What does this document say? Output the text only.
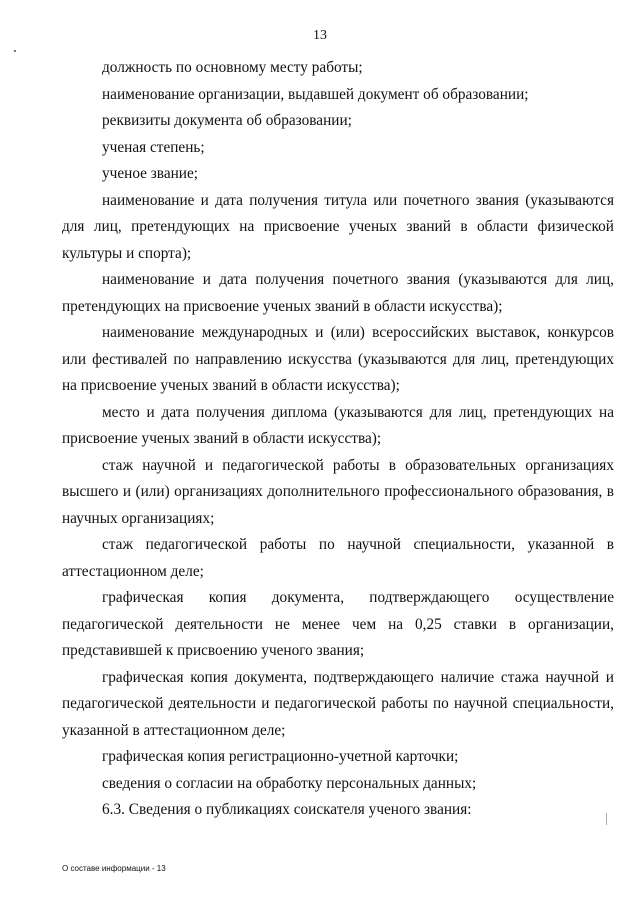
13

должность по основному месту работы;

наименование организации, выдавшей документ об образовании;

реквизиты документа об образовании;

ученая степень;

ученое звание;

наименование и дата получения титула или почетного звания (указываются для лиц, претендующих на присвоение ученых званий в области физической культуры и спорта);

наименование и дата получения почетного звания (указываются для лиц, претендующих на присвоение ученых званий в области искусства);

наименование международных и (или) всероссийских выставок, конкурсов или фестивалей по направлению искусства (указываются для лиц, претендующих на присвоение ученых званий в области искусства);

место и дата получения диплома (указываются для лиц, претендующих на присвоение ученых званий в области искусства);

стаж научной и педагогической работы в образовательных организациях высшего и (или) организациях дополнительного профессионального образования, в научных организациях;

стаж педагогической работы по научной специальности, указанной в аттестационном деле;

графическая копия документа, подтверждающего осуществление педагогической деятельности не менее чем на 0,25 ставки в организации, представившей к присвоению ученого звания;

графическая копия документа, подтверждающего наличие стажа научной и педагогической деятельности и педагогической работы по научной специальности, указанной в аттестационном деле;

графическая копия регистрационно-учетной карточки;

сведения о согласии на обработку персональных данных;

6.3. Сведения о публикациях соискателя ученого звания:

О составе информации - 13
